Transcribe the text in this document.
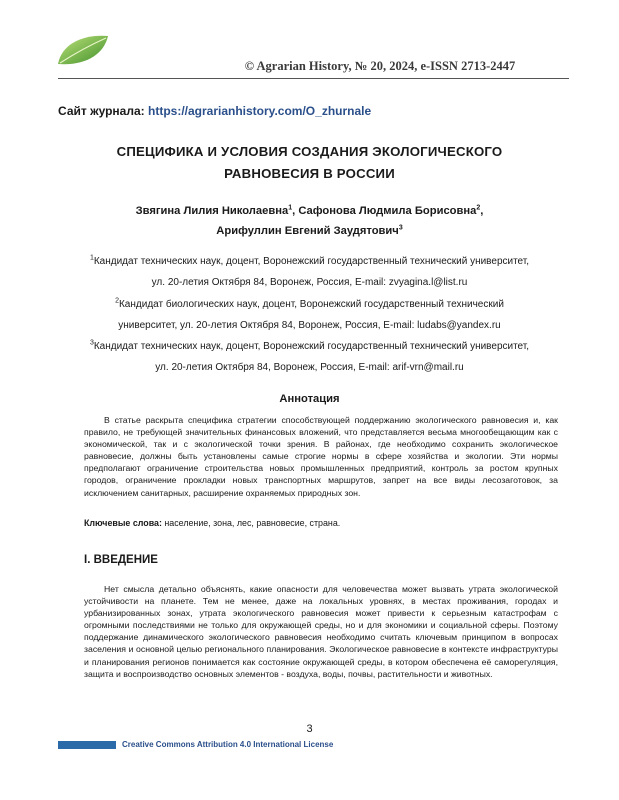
© Agrarian History, № 20, 2024, e-ISSN 2713-2447
Сайт журнала: https://agrarianhistory.com/O_zhurnale
СПЕЦИФИКА И УСЛОВИЯ СОЗДАНИЯ ЭКОЛОГИЧЕСКОГО
РАВНОВЕСИЯ В РОССИИ
Звягина Лилия Николаевна$^1$, Сафонова Людмила Борисовна$^2$,
Арифуллин Евгений Заудятович$^3$
$^1$Кандидат технических наук, доцент, Воронежский государственный технический университет,
ул. 20-летия Октября 84, Воронеж, Россия, E-mail: zvyagina.l@list.ru
$^2$Кандидат биологических наук, доцент, Воронежский государственный технический
университет, ул. 20-летия Октября 84, Воронеж, Россия, E-mail: ludabs@yandex.ru
$^3$Кандидат технических наук, доцент, Воронежский государственный технический университет,
ул. 20-летия Октября 84, Воронеж, Россия, E-mail: arif-vrn@mail.ru
Аннотация
В статье раскрыта специфика стратегии способствующей поддержанию экологического равновесия и, как правило, не требующей значительных финансовых вложений, что представляется весьма многообещающим как с экономической, так и с экологической точки зрения. В районах, где необходимо сохранить экологическое равновесие, должны быть установлены самые строгие нормы в сфере хозяйства и экологии. Эти нормы предполагают ограничение строительства новых промышленных предприятий, контроль за ростом крупных городов, ограничение прокладки новых транспортных маршрутов, запрет на все виды лесозаготовок, за исключением санитарных, расширение охраняемых природных зон.
Ключевые слова: население, зона, лес, равновесие, страна.
I. ВВЕДЕНИЕ
Нет смысла детально объяснять, какие опасности для человечества может вызвать утрата экологической устойчивости на планете. Тем не менее, даже на локальных уровнях, в местах проживания, городах и урбанизированных зонах, утрата экологического равновесия может привести к серьезным катастрофам с огромными последствиями не только для окружающей среды, но и для экономики и социальной сферы. Поэтому поддержание динамического экологического равновесия необходимо считать ключевым принципом в вопросах заселения и основной целью регионального планирования. Экологическое равновесие в контексте инфраструктуры и планирования регионов понимается как состояние окружающей среды, в котором обеспечена её саморегуляция, защита и воспроизводство основных элементов - воздуха, воды, почвы, растительности и животных.
3
Creative Commons Attribution 4.0 International License
